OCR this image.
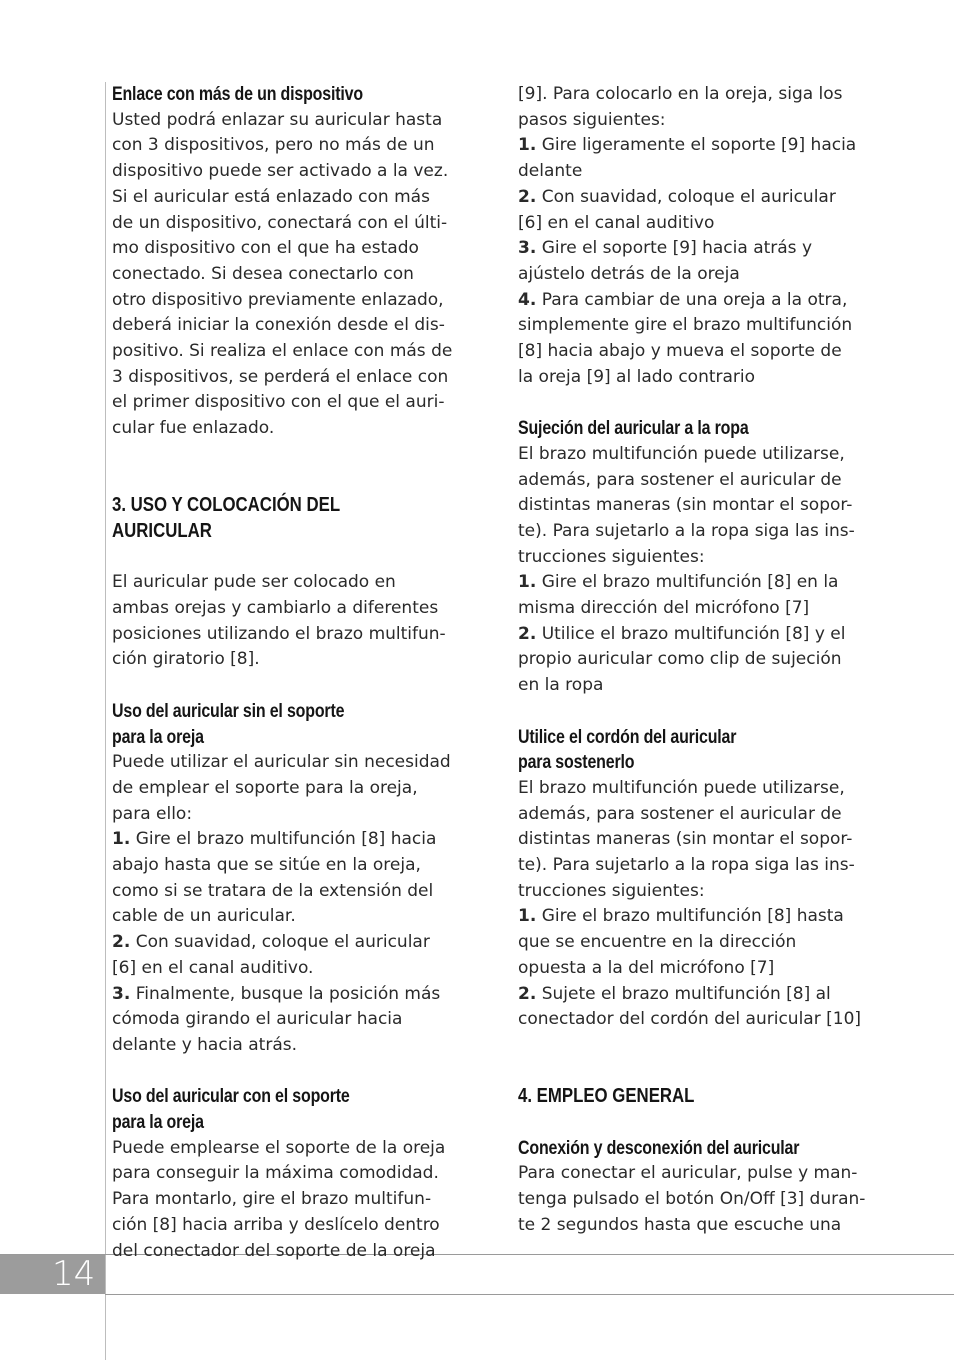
14
Enlace con más de un dispositivo

Usted podrá enlazar su auricular hasta
con 3 dispositivos, pero no más de un
dispositivo puede ser activado a la vez.
Si el auricular está enlazado con más
de un dispositivo, conectará con el últi-
mo dispositivo con el que ha estado
conectado. Si desea conectarlo con
otro dispositivo previamente enlazado,
deberá iniciar la conexión desde el dis-
positivo. Si realiza el enlace con más de
3 dispositivos, se perderá el enlace con
el primer dispositivo con el que el auri-
cular fue enlazado.

3. USO Y COLOCACIÓN DEL AURICULAR

El auricular pude ser colocado en
ambas orejas y cambiarlo a diferentes
posiciones utilizando el brazo multifun-
ción giratorio [8].

Uso del auricular sin el soporte
para la oreja

Puede utilizar el auricular sin necesidad
de emplear el soporte para la oreja,
para ello:

1. Gire el brazo multifunción [8] hacia
abajo hasta que se sitúe en la oreja,
como si se tratara de la extensión del
cable de un auricular.

2. Con suavidad, coloque el auricular
[6] en el canal auditivo.

3. Finalmente, busque la posición más
cómoda girando el auricular hacia
delante y hacia atrás.

Uso del auricular con el soporte
para la oreja

Puede emplearse el soporte de la oreja
para conseguir la máxima comodidad.
Para montarlo, gire el brazo multifun-
ción [8] hacia arriba y deslícelo dentro
del conectador del soporte de la oreja

[9]. Para colocarlo en la oreja, siga los
pasos siguientes:

1. Gire ligeramente el soporte [9] hacia
delante

2. Con suavidad, coloque el auricular
[6] en el canal auditivo

3. Gire el soporte [9] hacia atrás y
ajústelo detrás de la oreja

4. Para cambiar de una oreja a la otra,
simplemente gire el brazo multifunción
[8] hacia abajo y mueva el soporte de
la oreja [9] al lado contrario

Sujeción del auricular a la ropa

El brazo multifunción puede utilizarse,
además, para sostener el auricular de
distintas maneras (sin montar el sopor-
te). Para sujetarlo a la ropa siga las ins-
trucciones siguientes:

1. Gire el brazo multifunción [8] en la
misma dirección del micrófono [7]

2. Utilice el brazo multifunción [8] y el
propio auricular como clip de sujeción
en la ropa

Utilice el cordón del auricular
para sostenerlo

El brazo multifunción puede utilizarse,
además, para sostener el auricular de
distintas maneras (sin montar el sopor-
te). Para sujetarlo a la ropa siga las ins-
trucciones siguientes:

1. Gire el brazo multifunción [8] hasta
que se encuentre en la dirección
opuesta a la del micrófono [7]

2. Sujete el brazo multifunción [8] al
conectador del cordón del auricular [10]

4. EMPLEO GENERAL
Conexión y desconexión del auricular

Para conectar el auricular, pulse y man-
tenga pulsado el botón On/Off [3] duran-
te 2 segundos hasta que escuche una
